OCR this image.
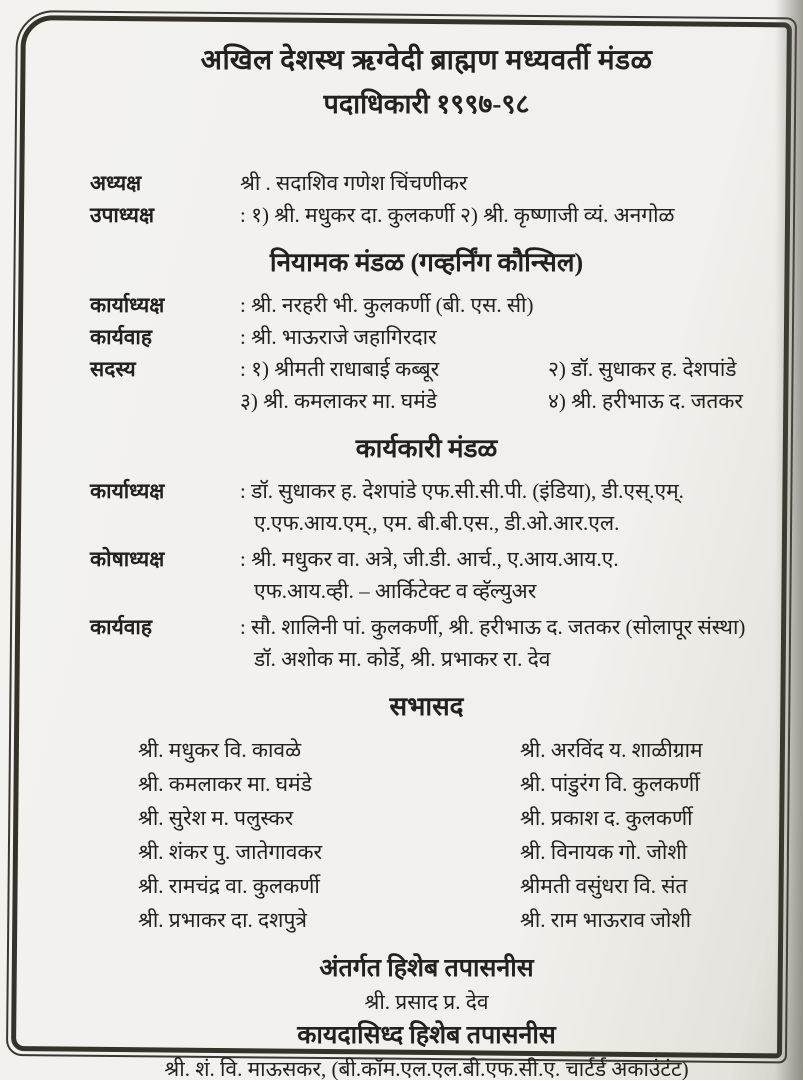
अखिल देशस्थ ऋग्वेदी ब्राह्मण मध्यवर्ती मंडळ
पदाधिकारी १९९७-९८
अध्यक्ष	श्री . सदाशिव गणेश चिंचणीकर
उपाध्यक्ष	: १) श्री. मधुकर दा. कुलकर्णी २) श्री. कृष्णाजी व्यं. अनगोळ
नियामक मंडळ (गव्हर्निंग कौन्सिल)
कार्याध्यक्ष	: श्री. नरहरी भी. कुलकर्णी (बी. एस. सी)
कार्यवाह	: श्री. भाऊराजे जहागिरदार
सदस्य	: १) श्रीमती राधाबाई कब्बूर	२) डॉ. सुधाकर ह. देशपांडे
३) श्री. कमलाकर मा. घमंडे	४) श्री. हरीभाऊ द. जतकर
कार्यकारी मंडळ
कार्याध्यक्ष	: डॉ. सुधाकर ह. देशपांडे एफ.सी.सी.पी. (इंडिया), डी.एस्.एम्.
ए.एफ.आय.एम्., एम. बी.बी.एस., डी.ओ.आर.एल.
कोषाध्यक्ष	: श्री. मधुकर वा. अत्रे, जी.डी. आर्च., ए.आय.आय.ए.
एफ.आय.व्ही. – आर्किटेक्ट व व्हॅल्युअर
कार्यवाह	: सौ. शालिनी पां. कुलकर्णी, श्री. हरीभाऊ द. जतकर (सोलापूर संस्था)
डॉ. अशोक मा. कोर्डे, श्री. प्रभाकर रा. देव
सभासद
श्री. मधुकर वि. कावळे
श्री. कमलाकर मा. घमंडे
श्री. सुरेश म. पलुस्कर
श्री. शंकर पु. जातेगावकर
श्री. रामचंद्र वा. कुलकर्णी
श्री. प्रभाकर दा. दशपुत्रे
श्री. अरविंद य. शाळीग्राम
श्री. पांडुरंग वि. कुलकर्णी
श्री. प्रकाश द. कुलकर्णी
श्री. विनायक गो. जोशी
श्रीमती वसुंधरा वि. संत
श्री. राम भाऊराव जोशी
अंतर्गत हिशेब तपासनीस
श्री. प्रसाद प्र. देव
कायदासिध्द हिशेब तपासनीस
श्री. शं. वि. माऊसकर, (बी.कॉम.एल.एल.बी.एफ.सी.ए. चार्टर्ड अकाउंटंट)
